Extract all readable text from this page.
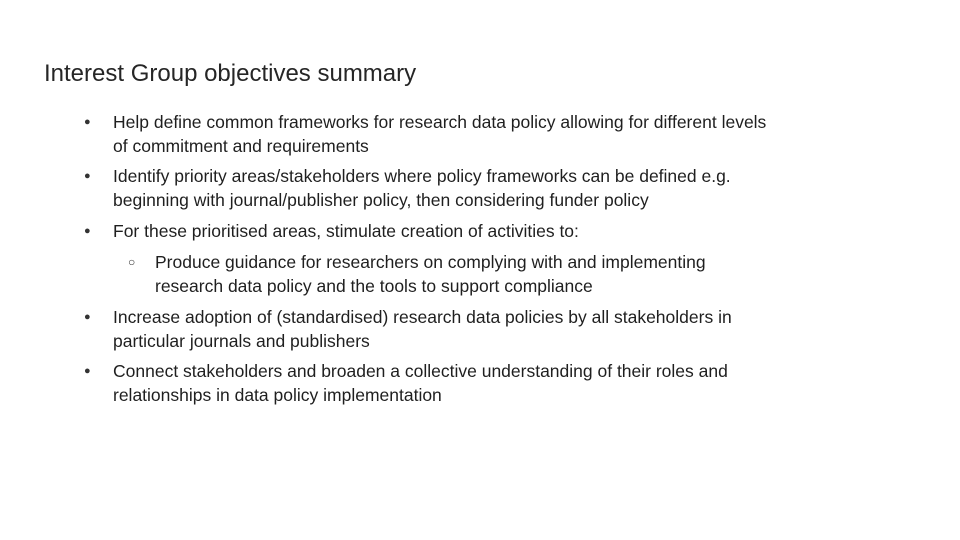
Interest Group objectives summary
● Help define common frameworks for research data policy allowing for different levels
of commitment and requirements
● Identify priority areas/stakeholders where policy frameworks can be defined e.g.
beginning with journal/publisher policy, then considering funder policy
● For these prioritised areas, stimulate creation of activities to:
○ Produce guidance for researchers on complying with and implementing
research data policy and the tools to support compliance
● Increase adoption of (standardised) research data policies by all stakeholders in
particular journals and publishers
● Connect stakeholders and broaden a collective understanding of their roles and
relationships in data policy implementation
